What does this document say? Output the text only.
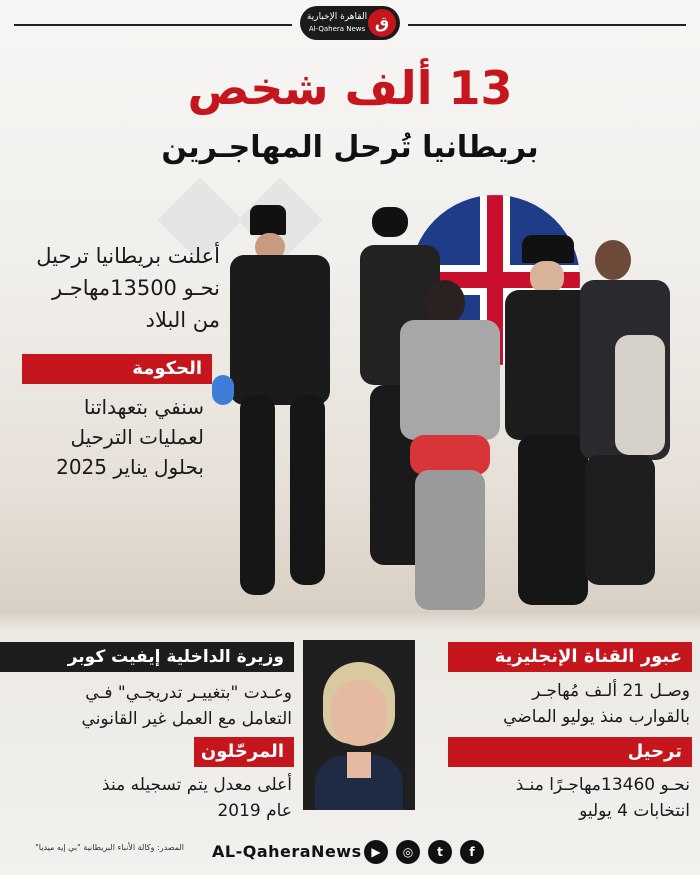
القاهرة الإخبارية
Al-Qahera News ق
13 ألف شخص
بريطانيا تُرحل المهاجـرين
أعلنت بريطانيا ترحيل
نحـو 13500مهاجـر
من البلاد
الحكومة
سنفي بتعهداتنا
لعمليات الترحيل
بحلول يناير 2025
وزيرة الداخلية إيفيت كوبر
وعـدت "بتغييـر تدريجـي" فـي
التعامل مع العمل غير القانوني
المرحّلون
أعلى معدل يتم تسجيله منذ
عام 2019
عبور القناة الإنجليزية
وصـل 21 ألـف مُهاجـر
بالقوارب منذ يوليو الماضي
ترحيل
نحـو 13460مهاجـرًا منـذ
انتخابات 4 يوليو
المصدر: وكالة الأنباء البريطانية "بي إيه ميديا" AL-QaheraNews ▶	◎	t	f
